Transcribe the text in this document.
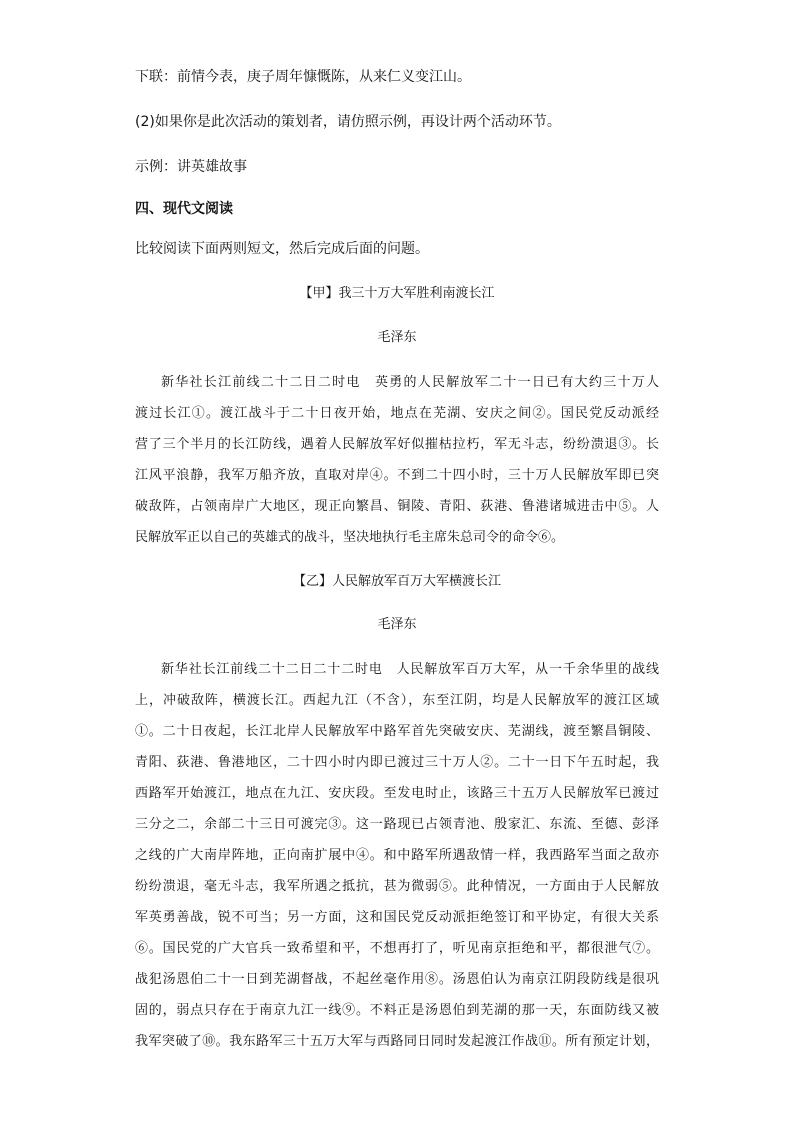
下联：前情今表，庚子周年慷慨陈，从来仁义变江山。
(2)如果你是此次活动的策划者，请仿照示例，再设计两个活动环节。
示例：讲英雄故事
四、现代文阅读
比较阅读下面两则短文，然后完成后面的问题。
【甲】我三十万大军胜利南渡长江
毛泽东
新华社长江前线二十二日二时电　英勇的人民解放军二十一日已有大约三十万人
渡过长江①。渡江战斗于二十日夜开始，地点在芜湖、安庆之间②。国民党反动派经
营了三个半月的长江防线，遇着人民解放军好似摧枯拉朽，军无斗志，纷纷溃退③。长
江风平浪静，我军万船齐放，直取对岸④。不到二十四小时，三十万人民解放军即已突
破敌阵，占领南岸广大地区，现正向繁昌、铜陵、青阳、荻港、鲁港诸城进击中⑤。人
民解放军正以自己的英雄式的战斗，坚决地执行毛主席朱总司令的命令⑥。
【乙】人民解放军百万大军横渡长江
毛泽东
新华社长江前线二十二日二十二时电　人民解放军百万大军，从一千余华里的战线
上，冲破敌阵，横渡长江。西起九江（不含），东至江阴，均是人民解放军的渡江区域
①。二十日夜起，长江北岸人民解放军中路军首先突破安庆、芜湖线，渡至繁昌铜陵、
青阳、荻港、鲁港地区，二十四小时内即已渡过三十万人②。二十一日下午五时起，我
西路军开始渡江，地点在九江、安庆段。至发电时止，该路三十五万人民解放军已渡过
三分之二，余部二十三日可渡完③。这一路现已占领青池、殷家汇、东流、至德、彭泽
之线的广大南岸阵地，正向南扩展中④。和中路军所遇敌情一样，我西路军当面之敌亦
纷纷溃退，毫无斗志，我军所遇之抵抗，甚为微弱⑤。此种情况，一方面由于人民解放
军英勇善战，锐不可当；另一方面，这和国民党反动派拒绝签订和平协定，有很大关系
⑥。国民党的广大官兵一致希望和平，不想再打了，听见南京拒绝和平，都很泄气⑦。
战犯汤恩伯二十一日到芜湖督战，不起丝毫作用⑧。汤恩伯认为南京江阴段防线是很巩
固的，弱点只存在于南京九江一线⑨。不料正是汤恩伯到芜湖的那一天，东面防线又被
我军突破了⑩。我东路军三十五万大军与西路同日同时发起渡江作战⑪。所有预定计划，
